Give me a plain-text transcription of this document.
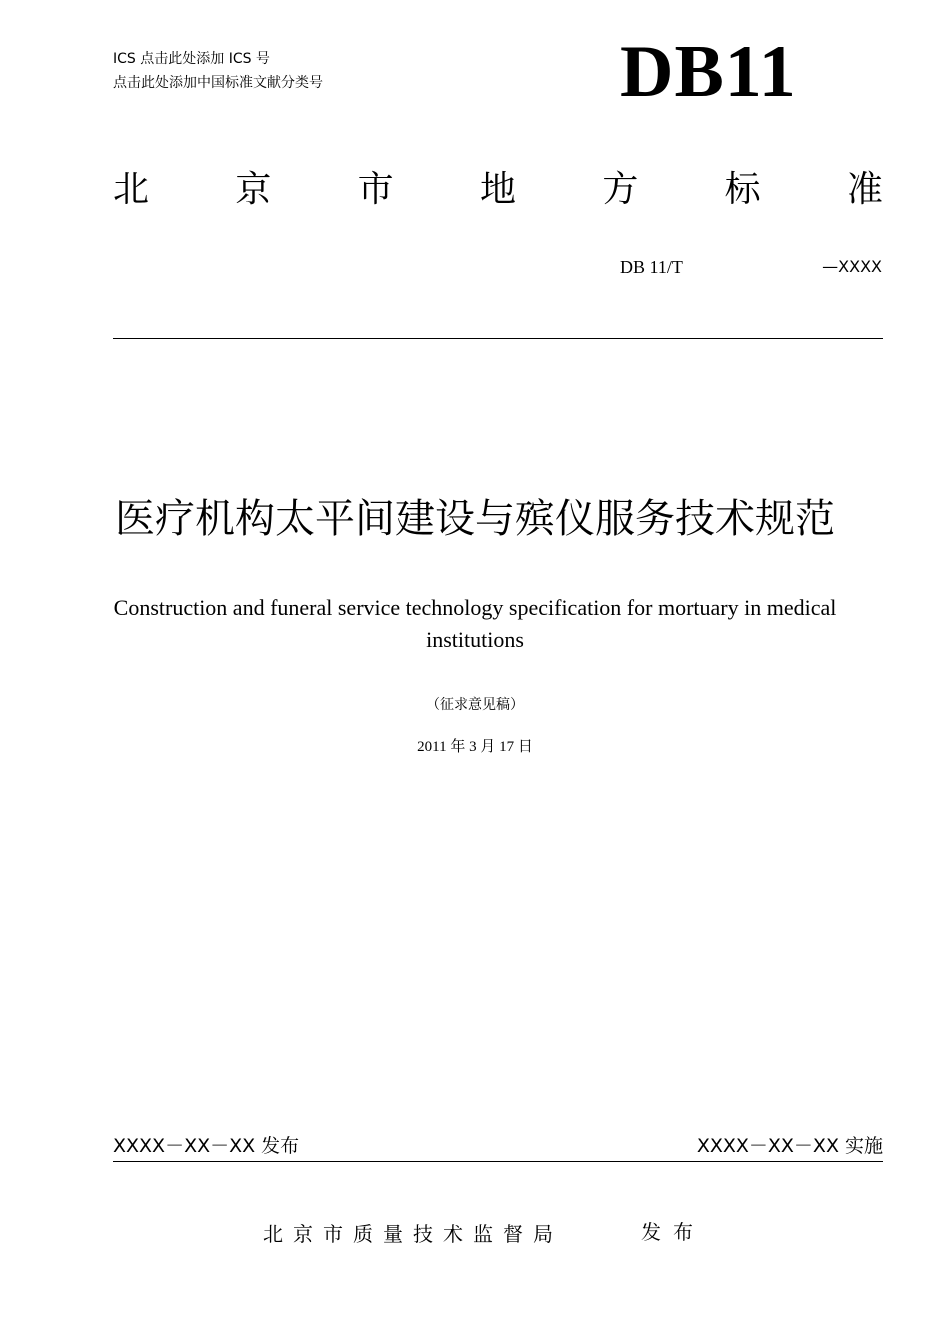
ICS 点击此处添加 ICS 号
点击此处添加中国标准文献分类号	DB11
北 京 市 地 方 标 准
DB 11/T	—XXXX
医疗机构太平间建设与殡仪服务技术规范
Construction and funeral service technology specification for mortuary in medical institutions
（征求意见稿）
2011 年 3 月 17 日
XXXX－XX－XX 发布	XXXX－XX－XX 实施
北京市质量技术监督局	发布
